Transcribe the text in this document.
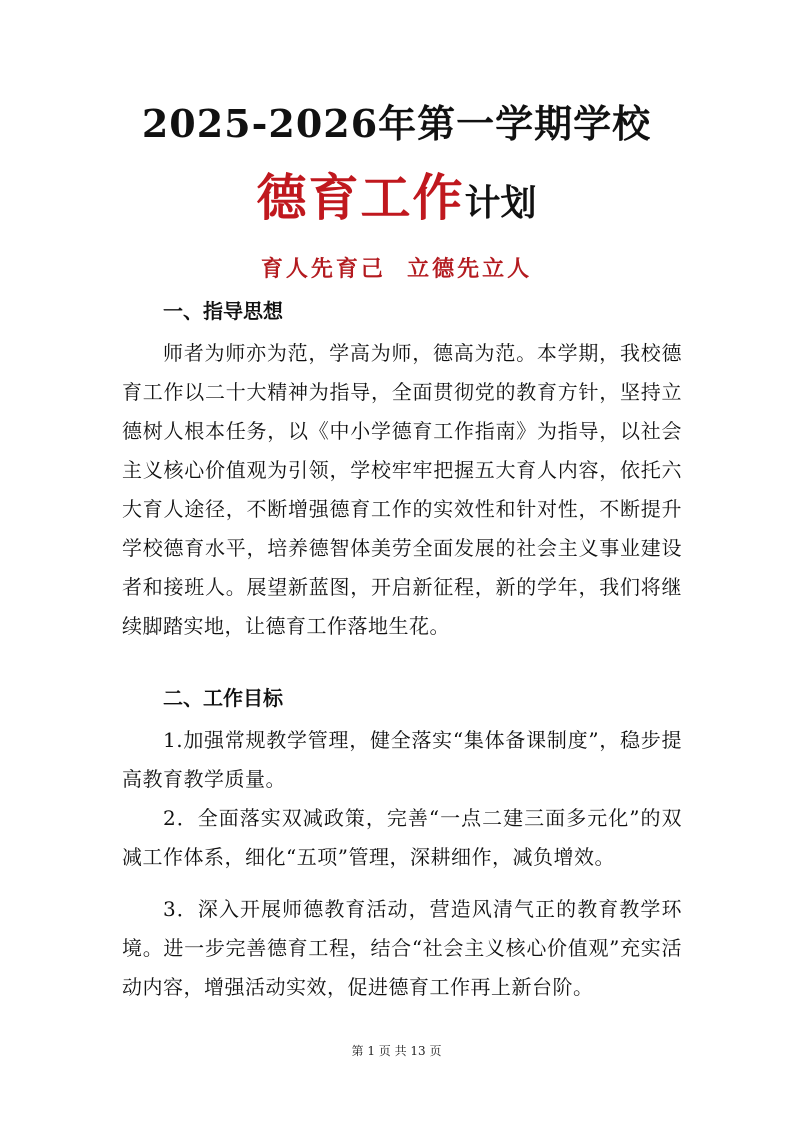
2025-2026年第一学期学校
德育工作计划
育人先育己  立德先立人
一、指导思想
师者为师亦为范，学高为师，德高为范。本学期，我校德育工作以二十大精神为指导，全面贯彻党的教育方针，坚持立德树人根本任务，以《中小学德育工作指南》为指导，以社会主义核心价值观为引领，学校牢牢把握五大育人内容，依托六大育人途径，不断增强德育工作的实效性和针对性，不断提升学校德育水平，培养德智体美劳全面发展的社会主义事业建设者和接班人。展望新蓝图，开启新征程，新的学年，我们将继续脚踏实地，让德育工作落地生花。
二、工作目标
1.加强常规教学管理，健全落实“集体备课制度”，稳步提高教育教学质量。
2．全面落实双减政策，完善“一点二建三面多元化”的双减工作体系，细化“五项”管理，深耕细作，减负增效。
3．深入开展师德教育活动，营造风清气正的教育教学环境。进一步完善德育工程，结合“社会主义核心价值观”充实活动内容，增强活动实效，促进德育工作再上新台阶。
第 1 页 共 13 页
